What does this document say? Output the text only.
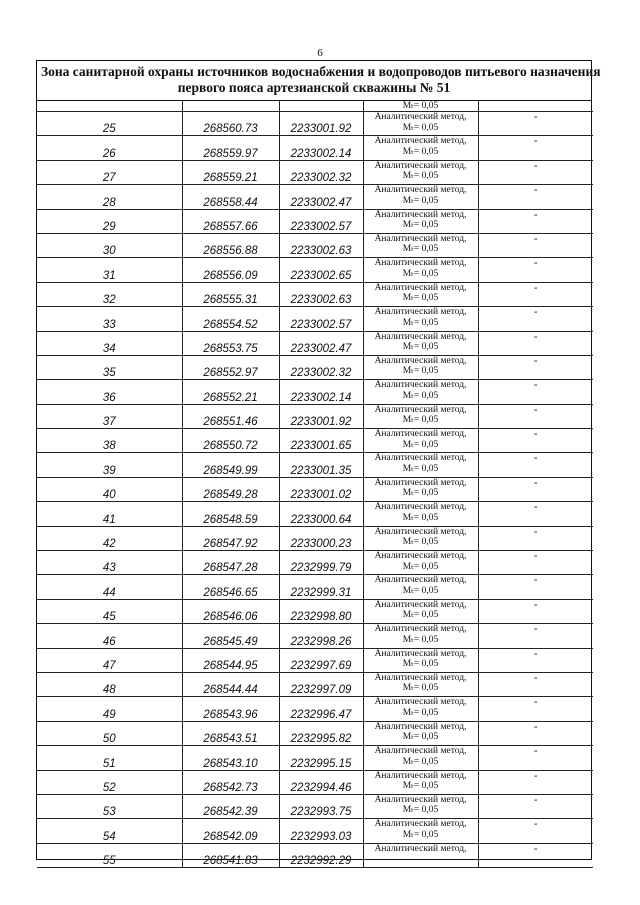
6
Зона санитарной охраны источников водоснабжения и водопроводов питьевого назначения
первого пояса артезианской скважины № 51

			Mₜ= 0,05	

25	268560.73	2233001.92	Аналитический метод,
Mₜ= 0,05	-
26	268559.97	2233002.14	Аналитический метод,
Mₜ= 0,05	-
27	268559.21	2233002.32	Аналитический метод,
Mₜ= 0,05	-
28	268558.44	2233002.47	Аналитический метод,
Mₜ= 0,05	-
29	268557.66	2233002.57	Аналитический метод,
Mₜ= 0,05	-
30	268556.88	2233002.63	Аналитический метод,
Mₜ= 0,05	-
31	268556.09	2233002.65	Аналитический метод,
Mₜ= 0,05	-
32	268555.31	2233002.63	Аналитический метод,
Mₜ= 0,05	-
33	268554.52	2233002.57	Аналитический метод,
Mₜ= 0,05	-
34	268553.75	2233002.47	Аналитический метод,
Mₜ= 0,05	-
35	268552.97	2233002.32	Аналитический метод,
Mₜ= 0,05	-
36	268552.21	2233002.14	Аналитический метод,
Mₜ= 0,05	-
37	268551.46	2233001.92	Аналитический метод,
Mₜ= 0,05	-
38	268550.72	2233001.65	Аналитический метод,
Mₜ= 0,05	-
39	268549.99	2233001.35	Аналитический метод,
Mₜ= 0,05	-
40	268549.28	2233001.02	Аналитический метод,
Mₜ= 0,05	-
41	268548.59	2233000.64	Аналитический метод,
Mₜ= 0,05	-
42	268547.92	2233000.23	Аналитический метод,
Mₜ= 0,05	-
43	268547.28	2232999.79	Аналитический метод,
Mₜ= 0,05	-
44	268546.65	2232999.31	Аналитический метод,
Mₜ= 0,05	-
45	268546.06	2232998.80	Аналитический метод,
Mₜ= 0,05	-
46	268545.49	2232998.26	Аналитический метод,
Mₜ= 0,05	-
47	268544.95	2232997.69	Аналитический метод,
Mₜ= 0,05	-
48	268544.44	2232997.09	Аналитический метод,
Mₜ= 0,05	-
49	268543.96	2232996.47	Аналитический метод,
Mₜ= 0,05	-
50	268543.51	2232995.82	Аналитический метод,
Mₜ= 0,05	-
51	268543.10	2232995.15	Аналитический метод,
Mₜ= 0,05	-
52	268542.73	2232994.46	Аналитический метод,
Mₜ= 0,05	-
53	268542.39	2232993.75	Аналитический метод,
Mₜ= 0,05	-
54	268542.09	2232993.03	Аналитический метод,
Mₜ= 0,05	-
55	268541.83	2232992.29	Аналитический метод,	-
